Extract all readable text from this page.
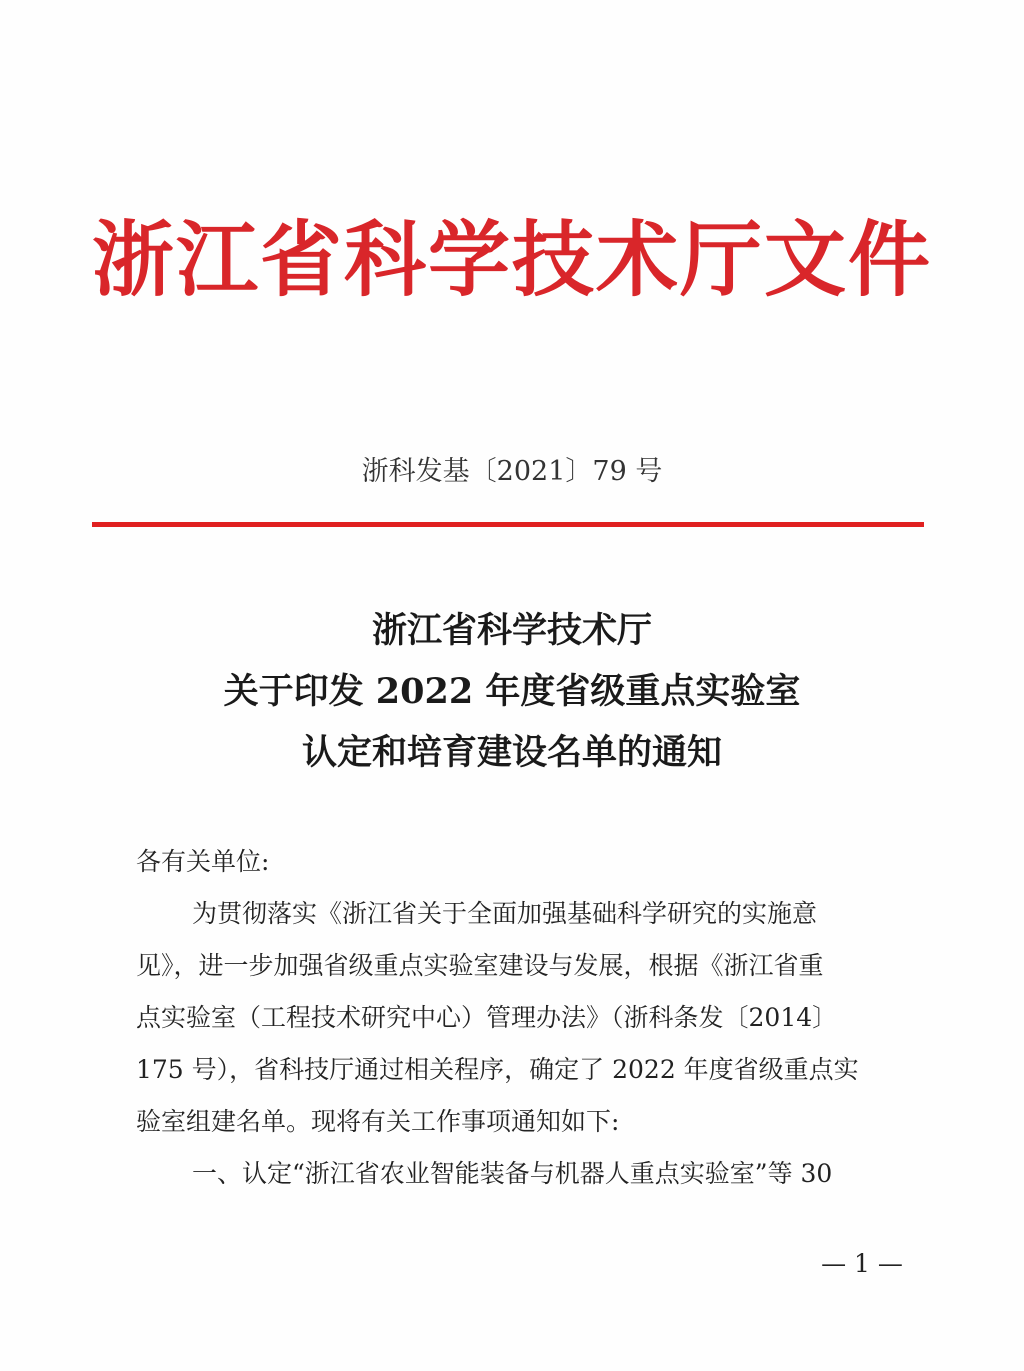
浙江省科学技术厅文件
浙科发基〔2021〕79 号
浙江省科学技术厅
关于印发 2022 年度省级重点实验室
认定和培育建设名单的通知
各有关单位:
为贯彻落实《浙江省关于全面加强基础科学研究的实施意
见》，进一步加强省级重点实验室建设与发展，根据《浙江省重
点实验室（工程技术研究中心）管理办法》（浙科条发〔2014〕
175 号），省科技厅通过相关程序，确定了 2022 年度省级重点实
验室组建名单。现将有关工作事项通知如下:
一、认定“浙江省农业智能装备与机器人重点实验室”等 30
— 1 —
